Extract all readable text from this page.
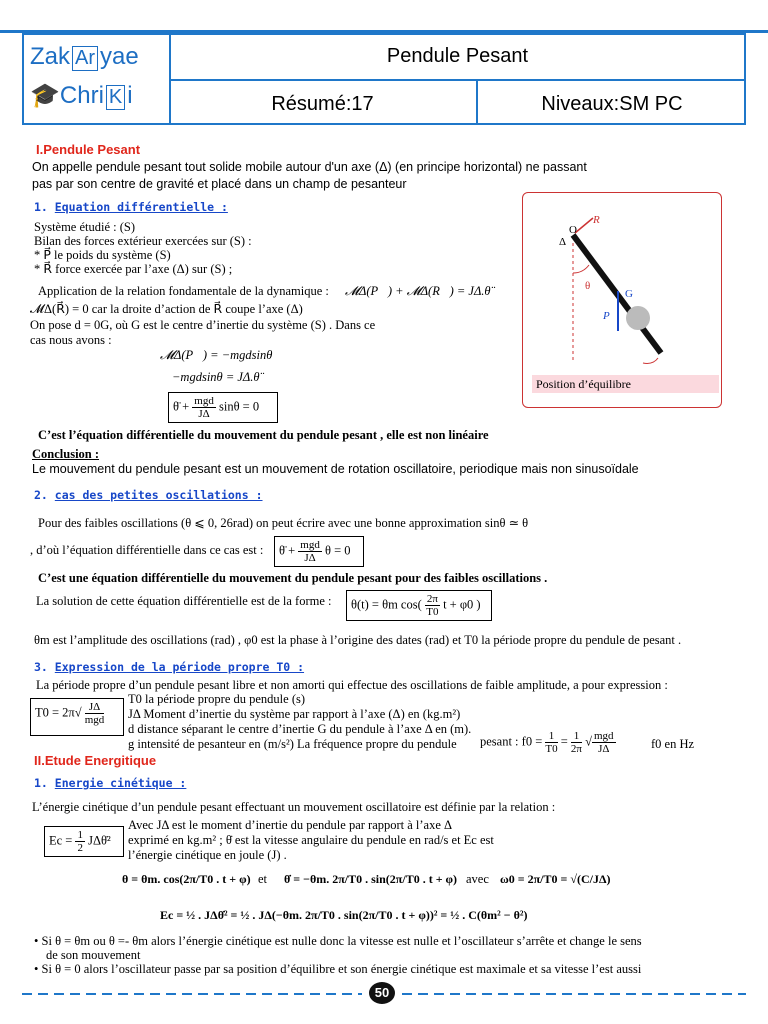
Zak Ar yae
🎓Chri K i
Pendule Pesant
Résumé:17	Niveaux:SM PC
I.Pendule Pesant
On appelle pendule pesant tout solide mobile autour d'un axe (Δ) (en principe horizontal) ne passant
pas par son centre de gravité et placé dans un champ de pesanteur
1. Equation différentielle :
Système étudié : (S)
Bilan des forces extérieur exercées sur (S) :
* P⃗ le poids du système (S)
* R⃗ force exercée par l’axe (Δ) sur (S) ;
Application de la relation fondamentale de la dynamique : 𝓜Δ(P⃗) + 𝓜Δ(R⃗) = JΔ.θ̈
𝓜Δ(R⃗) = 0 car la droite d’action de R⃗ coupe l’axe (Δ)
On pose d = 0G, où G est le centre d’inertie du système (S) . Dans ce
cas nous avons :
𝓜Δ(P⃗) = −mgdsinθ
−mgdsinθ = JΔ.θ̈
θ̈ + $\frac{\text{mgd}}{J\Delta}$ sinθ = 0
C’est l’équation différentielle du mouvement du pendule pesant , elle est non linéaire
Conclusion :
Le mouvement du pendule pesant est un mouvement de rotation oscillatoire, periodique mais non sinusoïdale
O
Δ
R
θ
G
P
Position d’équilibre
2. cas des petites oscillations :
Pour des faibles oscillations (θ ⩽ 0, 26rad) on peut écrire avec une bonne approximation sinθ ≃ θ
, d’où l’équation différentielle dans ce cas est :	θ̈ + $\frac{\text{mgd}}{J\Delta}$ θ = 0
C’est une équation différentielle du mouvement du pendule pesant pour des faibles oscillations .
La solution de cette équation différentielle est de la forme :	θ(t) = θm $\cos( \frac{2\pi}{T0}$ t + φ0 )
θm est l’amplitude des oscillations (rad) , φ0 est la phase à l’origine des dates (rad) et T0 la période propre du pendule de pesant .
3. Expression de la période propre T0 :
La période propre d’un pendule pesant libre et non amorti qui effectue des oscillations de faible amplitude, a pour expression :
$T0 = 2\pi√ \frac{J\Delta}{\text{mgd}}$
T0 la période propre du pendule (s)
JΔ Moment d’inertie du système par rapport à l’axe (Δ) en (kg.m²)
d distance séparant le centre d’inertie G du pendule à l’axe Δ en (m).
g intensité de pesanteur en (m/s²) La fréquence propre du pendule pesant : $f0 = \frac{1}{T0} = \frac{1}{2\pi}$ √ $\frac{\text{mgd}}{J\Delta}$	f0 en Hz
II.Etude Energitique
1. Energie cinétique :
L’énergie cinétique d’un pendule pesant effectuant un mouvement oscillatoire est définie par la relation :
$Ec = \frac{1}{2}$ JΔθ̇²
Avec JΔ est le moment d’inertie du pendule par rapport à l’axe Δ
exprimé en kg.m² ; θ̇ est la vitesse angulaire du pendule en rad/s et Ec est
l’énergie cinétique en joule (J) .
θ = θm. cos(2π/T0 . t + φ) et θ̇ = −θm. 2π/T0 . sin(2π/T0 . t + φ) avec ω0 = 2π/T0 = √(C/JΔ)
Ec = ½ . JΔθ̇² = ½ . JΔ(−θm. 2π/T0 . sin(2π/T0 . t + φ))² = ½ . C(θm² − θ²)
• Si θ = θm ou θ =- θm alors l’énergie cinétique est nulle donc la vitesse est nulle et l’oscillateur s’arrête et change le sens
de son mouvement
• Si θ = 0 alors l’oscillateur passe par sa position d’équilibre et son énergie cinétique est maximale et sa vitesse l’est aussi
50
